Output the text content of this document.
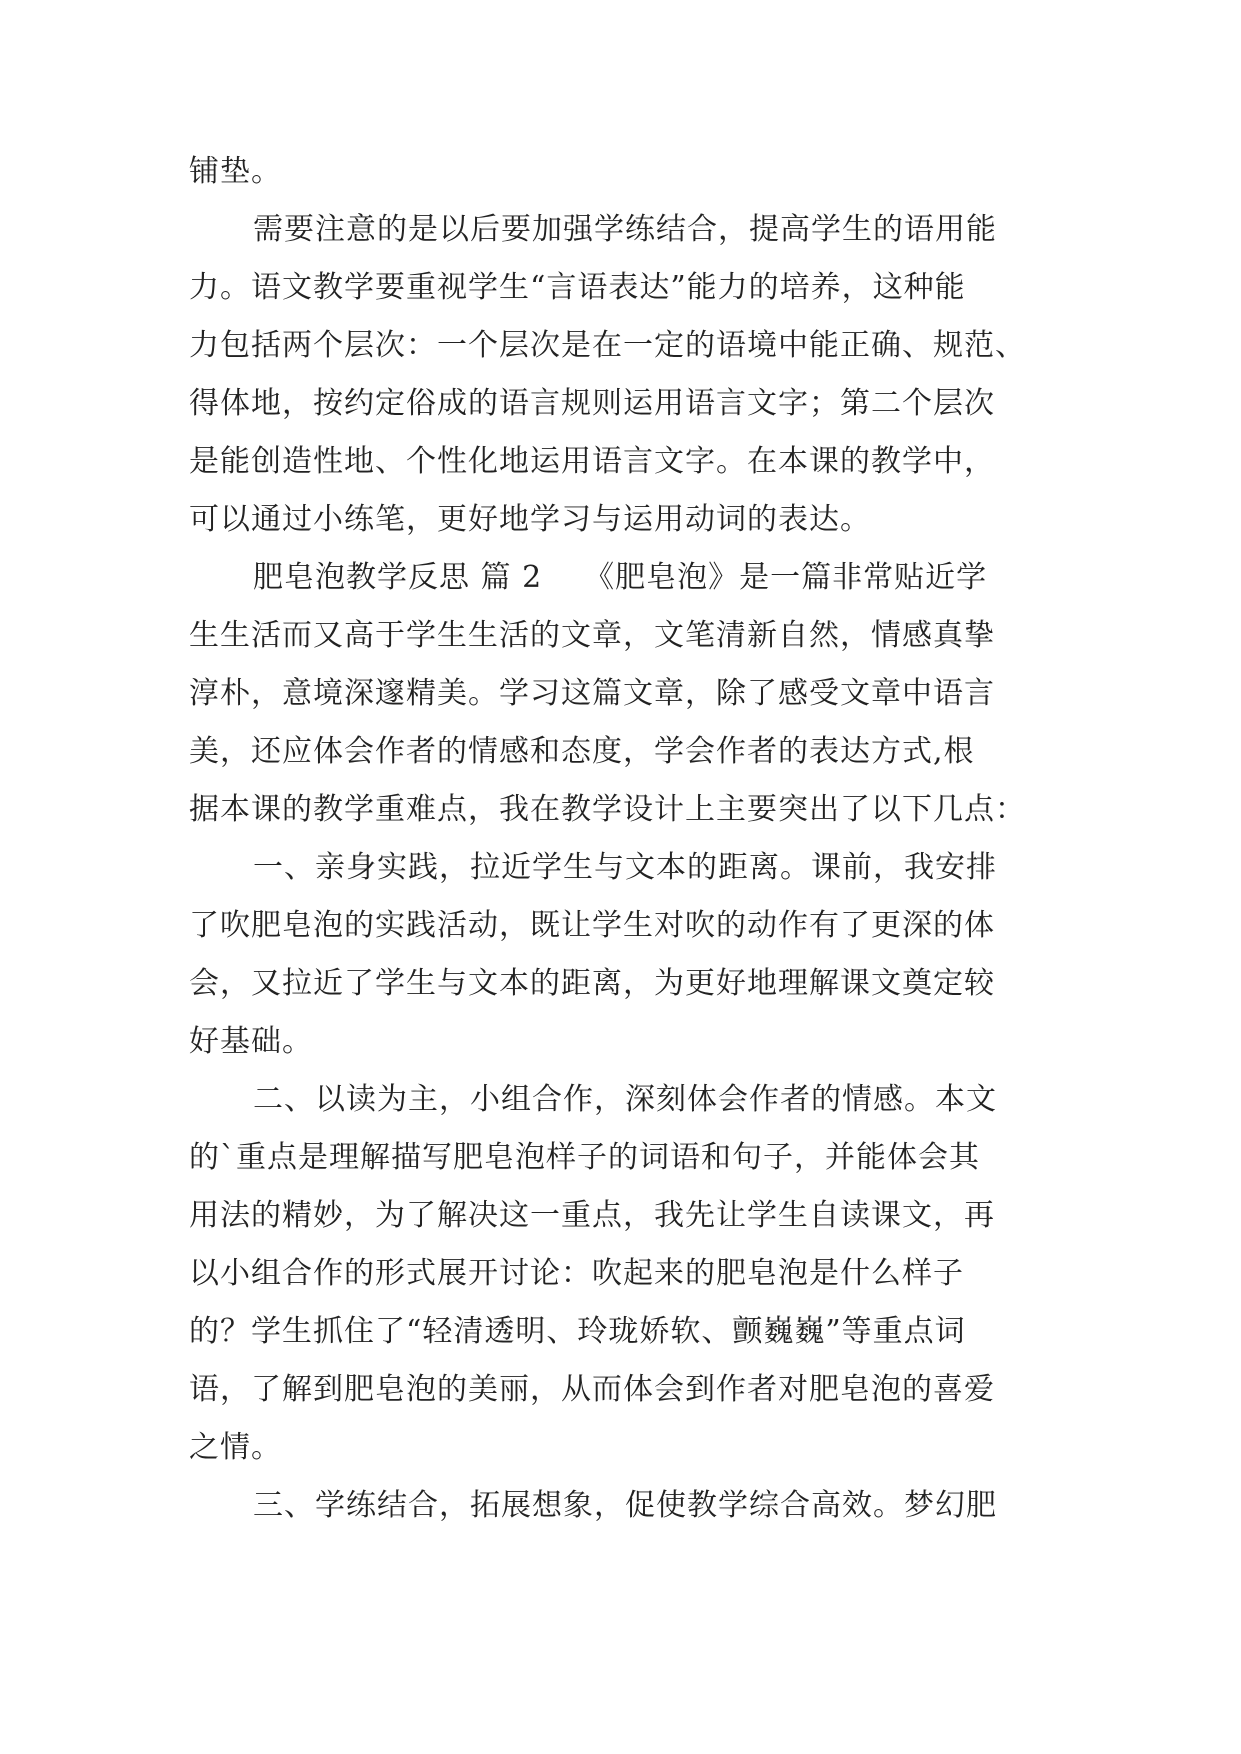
铺垫。
需要注意的是以后要加强学练结合，提高学生的语用能
力。语文教学要重视学生“言语表达”能力的培养，这种能
力包括两个层次：一个层次是在一定的语境中能正确、规范、
得体地，按约定俗成的语言规则运用语言文字；第二个层次
是能创造性地、个性化地运用语言文字。在本课的教学中，
可以通过小练笔，更好地学习与运用动词的表达。
肥皂泡教学反思 篇 2 《肥皂泡》是一篇非常贴近学
生生活而又高于学生生活的文章，文笔清新自然，情感真挚
淳朴，意境深邃精美。学习这篇文章，除了感受文章中语言
美，还应体会作者的情感和态度，学会作者的表达方式,根
据本课的教学重难点，我在教学设计上主要突出了以下几点：
一、亲身实践，拉近学生与文本的距离。课前，我安排
了吹肥皂泡的实践活动，既让学生对吹的动作有了更深的体
会，又拉近了学生与文本的距离，为更好地理解课文奠定较
好基础。
二、以读为主，小组合作，深刻体会作者的情感。本文
的`重点是理解描写肥皂泡样子的词语和句子，并能体会其
用法的精妙，为了解决这一重点，我先让学生自读课文，再
以小组合作的形式展开讨论：吹起来的肥皂泡是什么样子
的？学生抓住了“轻清透明、玲珑娇软、颤巍巍”等重点词
语，了解到肥皂泡的美丽，从而体会到作者对肥皂泡的喜爱
之情。
三、学练结合，拓展想象，促使教学综合高效。梦幻肥
